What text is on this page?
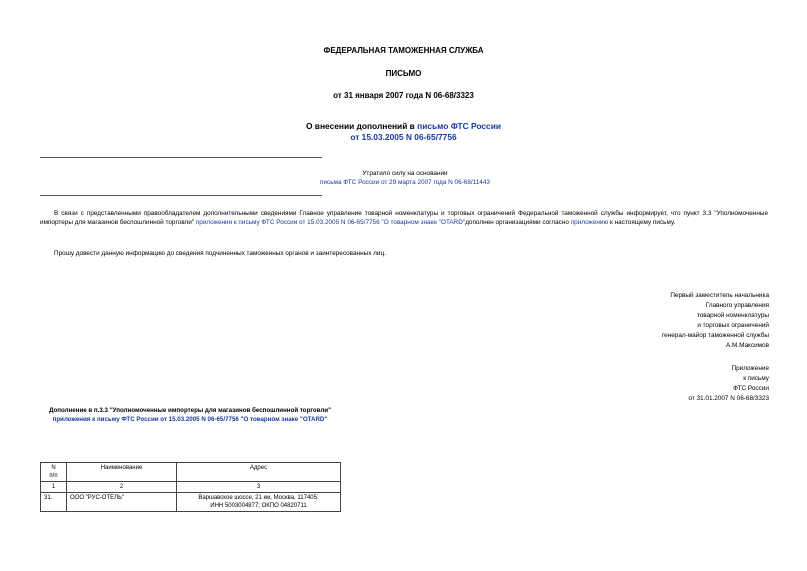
ФЕДЕРАЛЬНАЯ ТАМОЖЕННАЯ СЛУЖБА
ПИСЬМО
от 31 января 2007 года N 06-68/3323
О внесении дополнений в письмо ФТС России
от 15.03.2005 N 06-65/7756
Утратило силу на основании
письма ФТС России от 29 марта 2007 года N 06-68/11443
В связи с представленными правообладателем дополнительными сведениями Главное управление товарной номенклатуры и торговых ограничений Федеральной таможенной службы информирует, что пункт 3.3 "Уполномоченные импортеры для магазинов беспошлинной торговли" приложения к письму ФТС России от 15.03.2005 N 06-65/7756 "О товарном знаке "OTARD"дополнен организациями согласно приложению к настоящему письму.
Прошу довести данную информацию до сведения подчиненных таможенных органов и заинтересованных лиц.
Первый заместитель начальника
Главного управления
товарной номенклатуры
и торговых ограничений
генерал-майор таможенной службы
А.М.Максимов
Приложение
к письму
ФТС России
от 31.01.2007 N 06-68/3323
Дополнение в п.3.3 "Уполномоченные импортеры для магазинов беспошлинной торговли" приложения к письму ФТС России от 15.03.2005 N 06-65/7756 "О товарном знаке "OTARD"
N
п/п	Наименование	Адрес
1	2	3
31.	ООО "РУС-ОТЕЛЬ"	Варшавское шоссе, 21 км, Москва, 117405;
ИНН 5003004877; ОКПО 04820711
